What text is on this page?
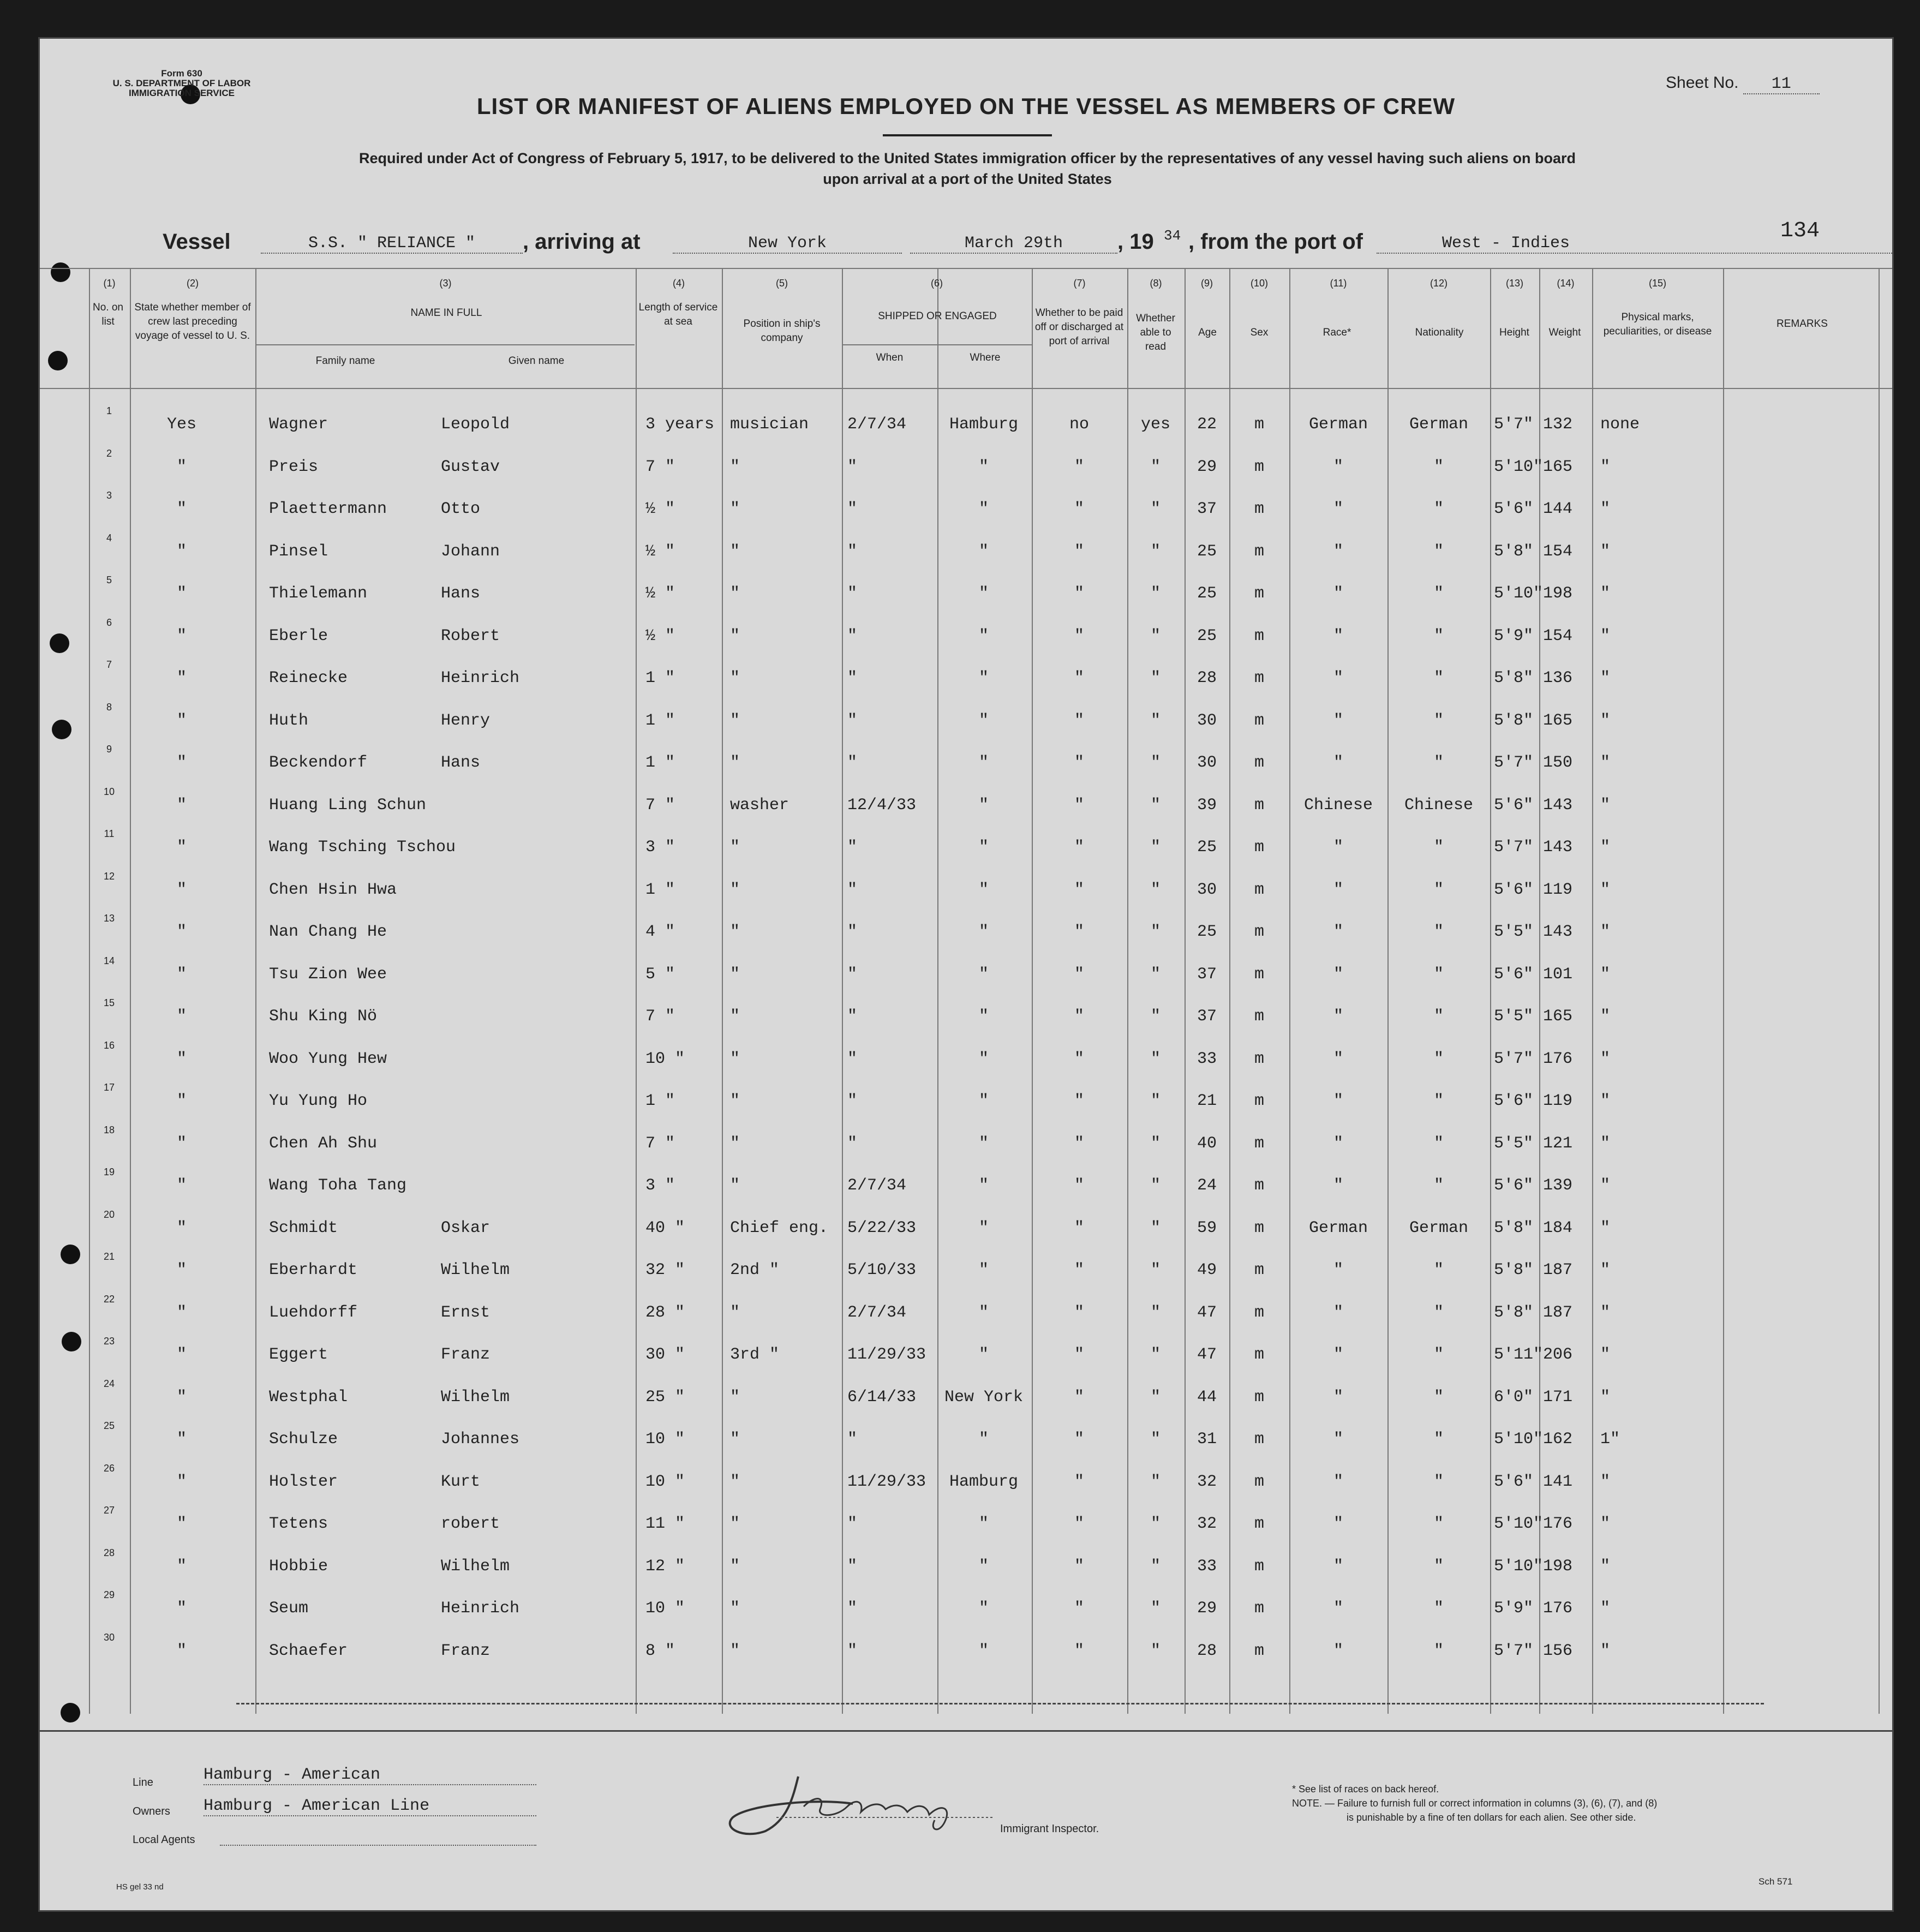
Form 630
U. S. DEPARTMENT OF LABOR
IMMIGRATION SERVICE
Sheet No. 11
LIST OR MANIFEST OF ALIENS EMPLOYED ON THE VESSEL AS MEMBERS OF CREW
Required under Act of Congress of February 5, 1917, to be delivered to the United States immigration officer by the representatives of any vessel having such aliens on board
upon arrival at a port of the United States
134
Vessel	S.S. " RELIANCE "	, arriving at	New York	March 29th	, 19 34 , from the port of	West - Indies
(1)	(2)	(3)	(4)	(5)	(6)	(7)	(8)	(9)	(10)	(11)	(12)	(13)	(14)	(15)
No. on list
State whether member of crew last preceding voyage of vessel to U. S.
NAME IN FULL
Family name	Given name
Length of service at sea	Position in ship's company
SHIPPED OR ENGAGED
When	Where
Whether to be paid off or discharged at port of arrival
Whether able to read
Age	Sex	Race*	Nationality	Height	Weight
Physical marks, peculiarities, or disease
REMARKS
1
Yes	Wagner	Leopold	3 years musician 2/7/34	Hamburg	no	yes	22	m	German	German	5'7" 132 none
2
"	Preis	Gustav	7 "	"	"	"	"	"	29	m	"	"	5'10" 165 "
3
"	Plaettermann	Otto	½ "	"	"	"	"	"	37	m	"	"	5'6" 144 "
4
"	Pinsel	Johann	½ "	"	"	"	"	"	25	m	"	"	5'8" 154 "
5
"	Thielemann	Hans	½ "	"	"	"	"	"	25	m	"	"	5'10" 198 "
6
"	Eberle	Robert	½ "	"	"	"	"	"	25	m	"	"	5'9" 154 "
7
"	Reinecke	Heinrich	1 "	"	"	"	"	"	28	m	"	"	5'8" 136 "
8
"	Huth	Henry	1 "	"	"	"	"	"	30	m	"	"	5'8" 165 "
9
"	Beckendorf	Hans	1 "	"	"	"	"	"	30	m	"	"	5'7" 150 "
10
"	Huang Ling Schun	7 "	washer	12/4/33	"	"	"	39	m	Chinese	Chinese	5'6" 143 "
11
"	Wang Tsching Tschou	3 "	"	"	"	"	"	25	m	"	"	5'7" 143 "
12
"	Chen Hsin Hwa	1 "	"	"	"	"	"	30	m	"	"	5'6" 119 "
13
"	Nan Chang He	4 "	"	"	"	"	"	25	m	"	"	5'5" 143 "
14
"	Tsu Zion Wee	5 "	"	"	"	"	"	37	m	"	"	5'6" 101 "
15
"	Shu King Nö	7 "	"	"	"	"	"	37	m	"	"	5'5" 165 "
16
"	Woo Yung Hew	10 "	"	"	"	"	"	33	m	"	"	5'7" 176 "
17
"	Yu Yung Ho	1 "	"	"	"	"	"	21	m	"	"	5'6" 119 "
18
"	Chen Ah Shu	7 "	"	"	"	"	"	40	m	"	"	5'5" 121 "
19
"	Wang Toha Tang	3 "	"	2/7/34	"	"	"	24	m	"	"	5'6" 139 "
20
"	Schmidt	Oskar	40 "	Chief eng. 5/22/33	"	"	"	59	m	German	German	5'8" 184 "
21
"	Eberhardt	Wilhelm	32 "	2nd "	5/10/33	"	"	"	49	m	"	"	5'8" 187 "
22
"	Luehdorff	Ernst	28 "	"	2/7/34	"	"	"	47	m	"	"	5'8" 187 "
23
"	Eggert	Franz	30 "	3rd "	11/29/33	"	"	"	47	m	"	"	5'11" 206 "
24
"	Westphal	Wilhelm	25 "	"	6/14/33	New York	"	"	44	m	"	"	6'0" 171 "
25
"	Schulze	Johannes	10 "	"	"	"	"	"	31	m	"	"	5'10" 162 1"
26
"	Holster	Kurt	10 "	"	11/29/33	Hamburg	"	"	32	m	"	"	5'6" 141 "
27
"	Tetens	robert	11 "	"	"	"	"	"	32	m	"	"	5'10" 176 "
28
"	Hobbie	Wilhelm	12 "	"	"	"	"	"	33	m	"	"	5'10" 198 "
29
"	Seum	Heinrich	10 "	"	"	"	"	"	29	m	"	"	5'9" 176 "
30
"	Schaefer	Franz	8 "	"	"	"	"	"	28	m	"	"	5'7" 156 "
Line	Hamburg - American
Owners Hamburg - American Line
Local Agents
Immigrant Inspector.
* See list of races on back hereof.
NOTE. — Failure to furnish full or correct information in columns (3), (6), (7), and (8)
is punishable by a fine of ten dollars for each alien. See other side.
HS gel 33 nd
Sch 571
